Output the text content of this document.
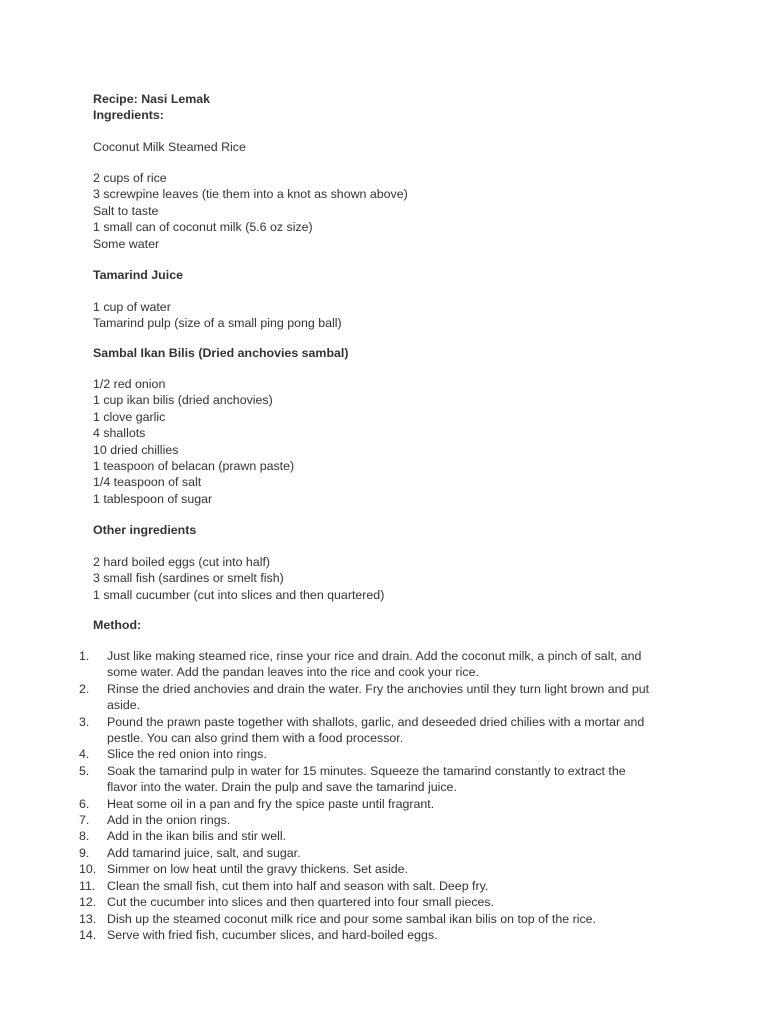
Recipe: Nasi Lemak
Ingredients:
Coconut Milk Steamed Rice
2 cups of rice
3 screwpine leaves (tie them into a knot as shown above)
Salt to taste
1 small can of coconut milk (5.6 oz size)
Some water
Tamarind Juice
1 cup of water
Tamarind pulp (size of a small ping pong ball)
Sambal Ikan Bilis (Dried anchovies sambal)
1/2 red onion
1 cup ikan bilis (dried anchovies)
1 clove garlic
4 shallots
10 dried chillies
1 teaspoon of belacan (prawn paste)
1/4 teaspoon of salt
1 tablespoon of sugar
Other ingredients
2 hard boiled eggs (cut into half)
3 small fish (sardines or smelt fish)
1 small cucumber (cut into slices and then quartered)
Method:
1.	Just like making steamed rice, rinse your rice and drain. Add the coconut milk, a pinch of salt, and
some water. Add the pandan leaves into the rice and cook your rice.
2.	Rinse the dried anchovies and drain the water. Fry the anchovies until they turn light brown and put
aside.
3.	Pound the prawn paste together with shallots, garlic, and deseeded dried chilies with a mortar and
pestle. You can also grind them with a food processor.
4.	Slice the red onion into rings.
5.	Soak the tamarind pulp in water for 15 minutes. Squeeze the tamarind constantly to extract the
flavor into the water. Drain the pulp and save the tamarind juice.
6.	Heat some oil in a pan and fry the spice paste until fragrant.
7.	Add in the onion rings.
8.	Add in the ikan bilis and stir well.
9.	Add tamarind juice, salt, and sugar.
10. Simmer on low heat until the gravy thickens. Set aside.
11. Clean the small fish, cut them into half and season with salt. Deep fry.
12. Cut the cucumber into slices and then quartered into four small pieces.
13. Dish up the steamed coconut milk rice and pour some sambal ikan bilis on top of the rice.
14. Serve with fried fish, cucumber slices, and hard-boiled eggs.
